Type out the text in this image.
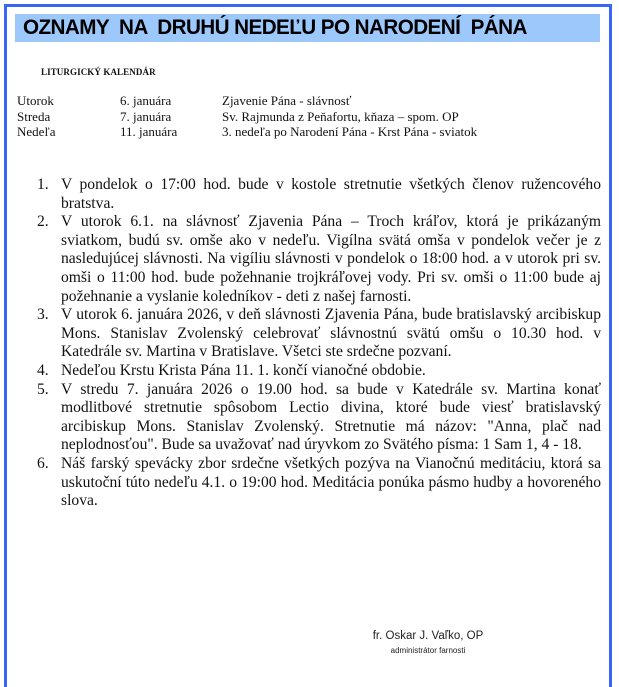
OZNAMY  NA  DRUHÚ NEDEĽU PO NARODENÍ  PÁNA
LITURGICKÝ KALENDÁR
Utorok	6. januára	Zjavenie Pána - slávnosť
Streda	7. januára	Sv. Rajmunda z Peňafortu, kňaza – spom. OP
Nedeľa	11. januára	3. nedeľa po Narodení Pána - Krst Pána - sviatok
1. V pondelok o 17:00 hod. bude v kostole stretnutie všetkých členov ružencového bratstva.
2. V utorok 6.1. na slávnosť Zjavenia Pána – Troch kráľov, ktorá je prikázaným sviatkom, budú sv. omše ako v nedeľu. Vigílna svätá omša v pondelok večer je z nasledujúcej slávnosti. Na vigíliu slávnosti v pondelok o 18:00 hod. a v utorok pri sv. omši o 11:00 hod. bude požehnanie trojkráľovej vody. Pri sv. omši o 11:00 bude aj požehnanie a vyslanie koledníkov - deti z našej farnosti.
3. V utorok 6. januára 2026, v deň slávnosti Zjavenia Pána, bude bratislavský arcibiskup Mons. Stanislav Zvolenský celebrovať slávnostnú svätú omšu o 10.30 hod. v Katedrále sv. Martina v Bratislave. Všetci ste srdečne pozvaní.
4. Nedeľou Krstu Krista Pána 11. 1. končí vianočné obdobie.
5. V stredu 7. januára 2026 o 19.00 hod. sa bude v Katedrále sv. Martina konať modlitbové stretnutie spôsobom Lectio divina, ktoré bude viesť bratislavský arcibiskup Mons. Stanislav Zvolenský. Stretnutie má názov: "Anna, plač nad neplodnosťou". Bude sa uvažovať nad úryvkom zo Svätého písma: 1 Sam 1, 4 - 18.
6. Náš farský spevácky zbor srdečne všetkých pozýva na Vianočnú meditáciu, ktorá sa uskutoční túto nedeľu 4.1. o 19:00 hod. Meditácia ponúka pásmo hudby a hovoreného slova.
fr. Oskar J. Vaľko, OP
administrátor farnosti
